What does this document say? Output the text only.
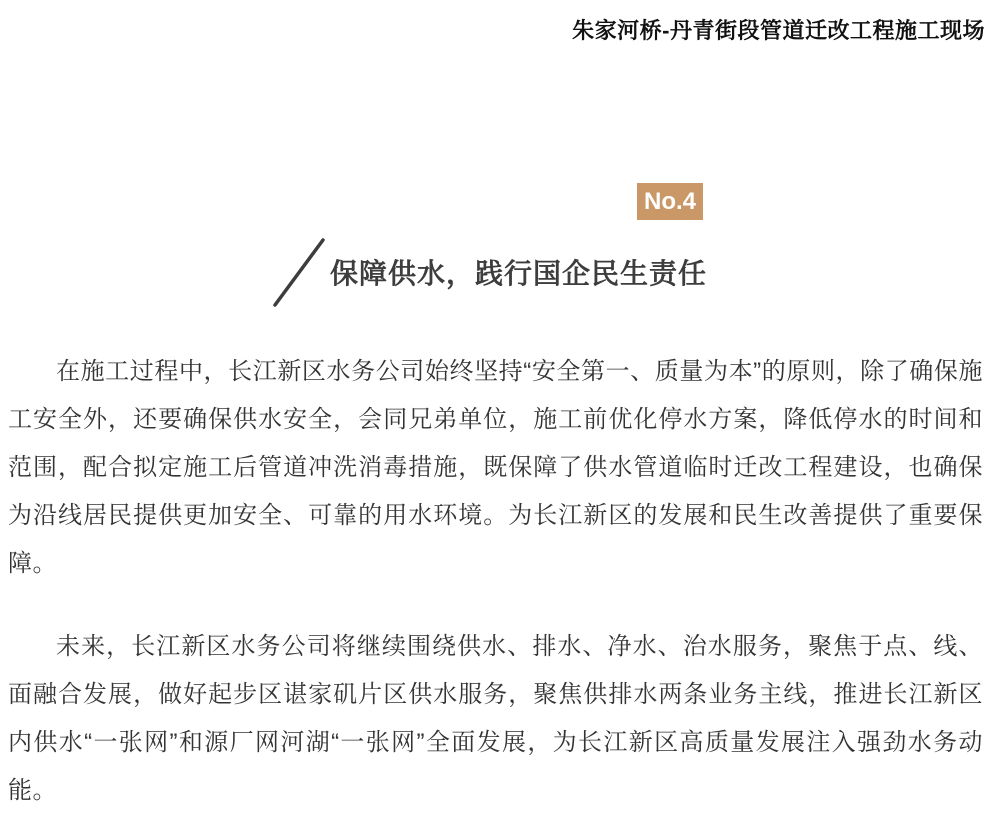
朱家河桥-丹青街段管道迁改工程施工现场
No.4
保障供水，践行国企民生责任

在施工过程中，长江新区水务公司始终坚持“安全第一、质量为本”的原则，除了确保施工安全外，还要确保供水安全，会同兄弟单位，施工前优化停水方案，降低停水的时间和范围，配合拟定施工后管道冲洗消毒措施，既保障了供水管道临时迁改工程建设，也确保为沿线居民提供更加安全、可靠的用水环境。为长江新区的发展和民生改善提供了重要保障。

未来，长江新区水务公司将继续围绕供水、排水、净水、治水服务，聚焦于点、线、面融合发展，做好起步区谌家矶片区供水服务，聚焦供排水两条业务主线，推进长江新区内供水“一张网”和源厂网河湖“一张网”全面发展，为长江新区高质量发展注入强劲水务动能。
